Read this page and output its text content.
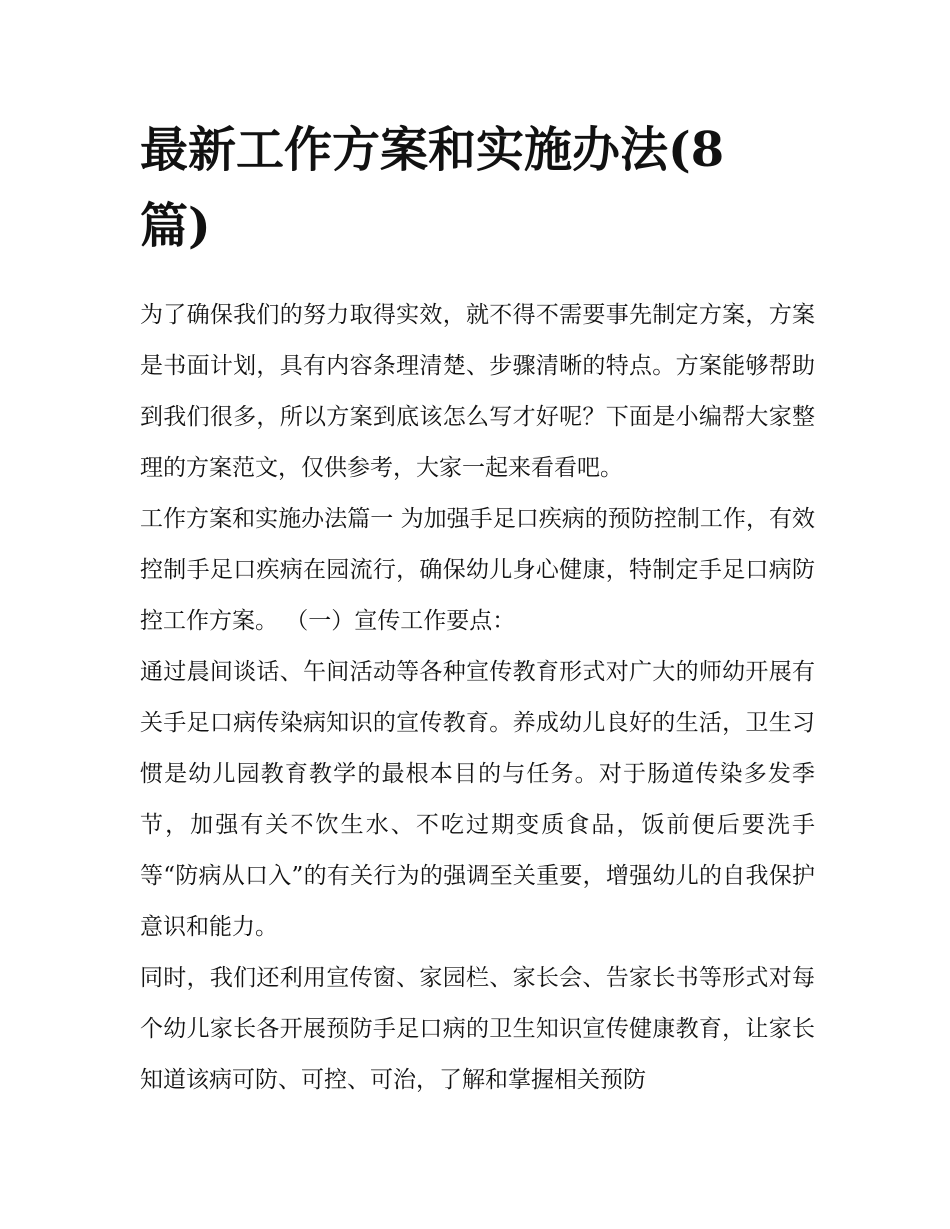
最新工作方案和实施办法(8篇)

为了确保我们的努力取得实效，就不得不需要事先制定方案，方案是书面计划，具有内容条理清楚、步骤清晰的特点。方案能够帮助到我们很多，所以方案到底该怎么写才好呢？下面是小编帮大家整理的方案范文，仅供参考，大家一起来看看吧。

工作方案和实施办法篇一 为加强手足口疾病的预防控制工作，有效控制手足口疾病在园流行，确保幼儿身心健康，特制定手足口病防控工作方案。 （一）宣传工作要点：

通过晨间谈话、午间活动等各种宣传教育形式对广大的师幼开展有关手足口病传染病知识的宣传教育。养成幼儿良好的生活，卫生习惯是幼儿园教育教学的最根本目的与任务。对于肠道传染多发季节，加强有关不饮生水、不吃过期变质食品，饭前便后要洗手等“防病从口入”的有关行为的强调至关重要，增强幼儿的自我保护意识和能力。

同时，我们还利用宣传窗、家园栏、家长会、告家长书等形式对每个幼儿家长各开展预防手足口病的卫生知识宣传健康教育，让家长知道该病可防、可控、可治，了解和掌握相关预防
